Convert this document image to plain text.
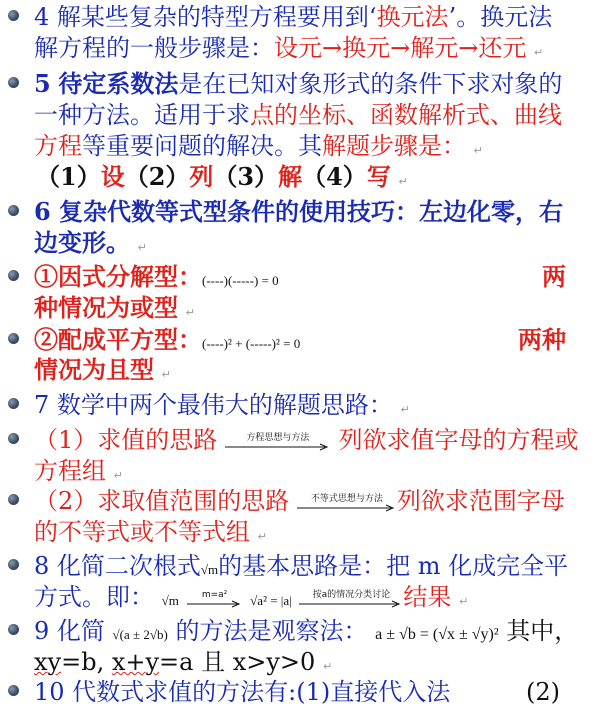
4 解某些复杂的特型方程要用到‘换元法’。换元法
解方程的一般步骤是：设元→换元→解元→还元 ↵
5 待定系数法是在已知对象形式的条件下求对象的
一种方法。适用于求点的坐标、函数解析式、曲线
方程等重要问题的解决。其解题步骤是： ↵
（1）设（2）列（3）解（4）写 ↵
6 复杂代数等式型条件的使用技巧：左边化零，右
边变形。 ↵
①因式分解型：(----)(-----) = 0	两
种情况为或型 ↵
②配成平方型：(----)² + (-----)² = 0	两种
情况为且型 ↵
7 数学中两个最伟大的解题思路： ↵
（1）求值的思路	方程思想与方法	列欲求值字母的方程或
方程组 ↵
（2）求取值范围的思路	不等式思想与方法 列欲求范围字母
的不等式或不等式组 ↵
8 化简二次根式√m的基本思路是：把 m 化成完全平
方式。即： √m	m=a²	√a² = |a|	按a的情况分类讨论 结果 ↵
9 化简 √(a ± 2√b) 的方法是观察法： a ± √b = (√x ± √y)² 其中，
xy=b, x+y=a 且 x>y>0 ↵
10 代数式求值的方法有:(1)直接代入法	(2)
